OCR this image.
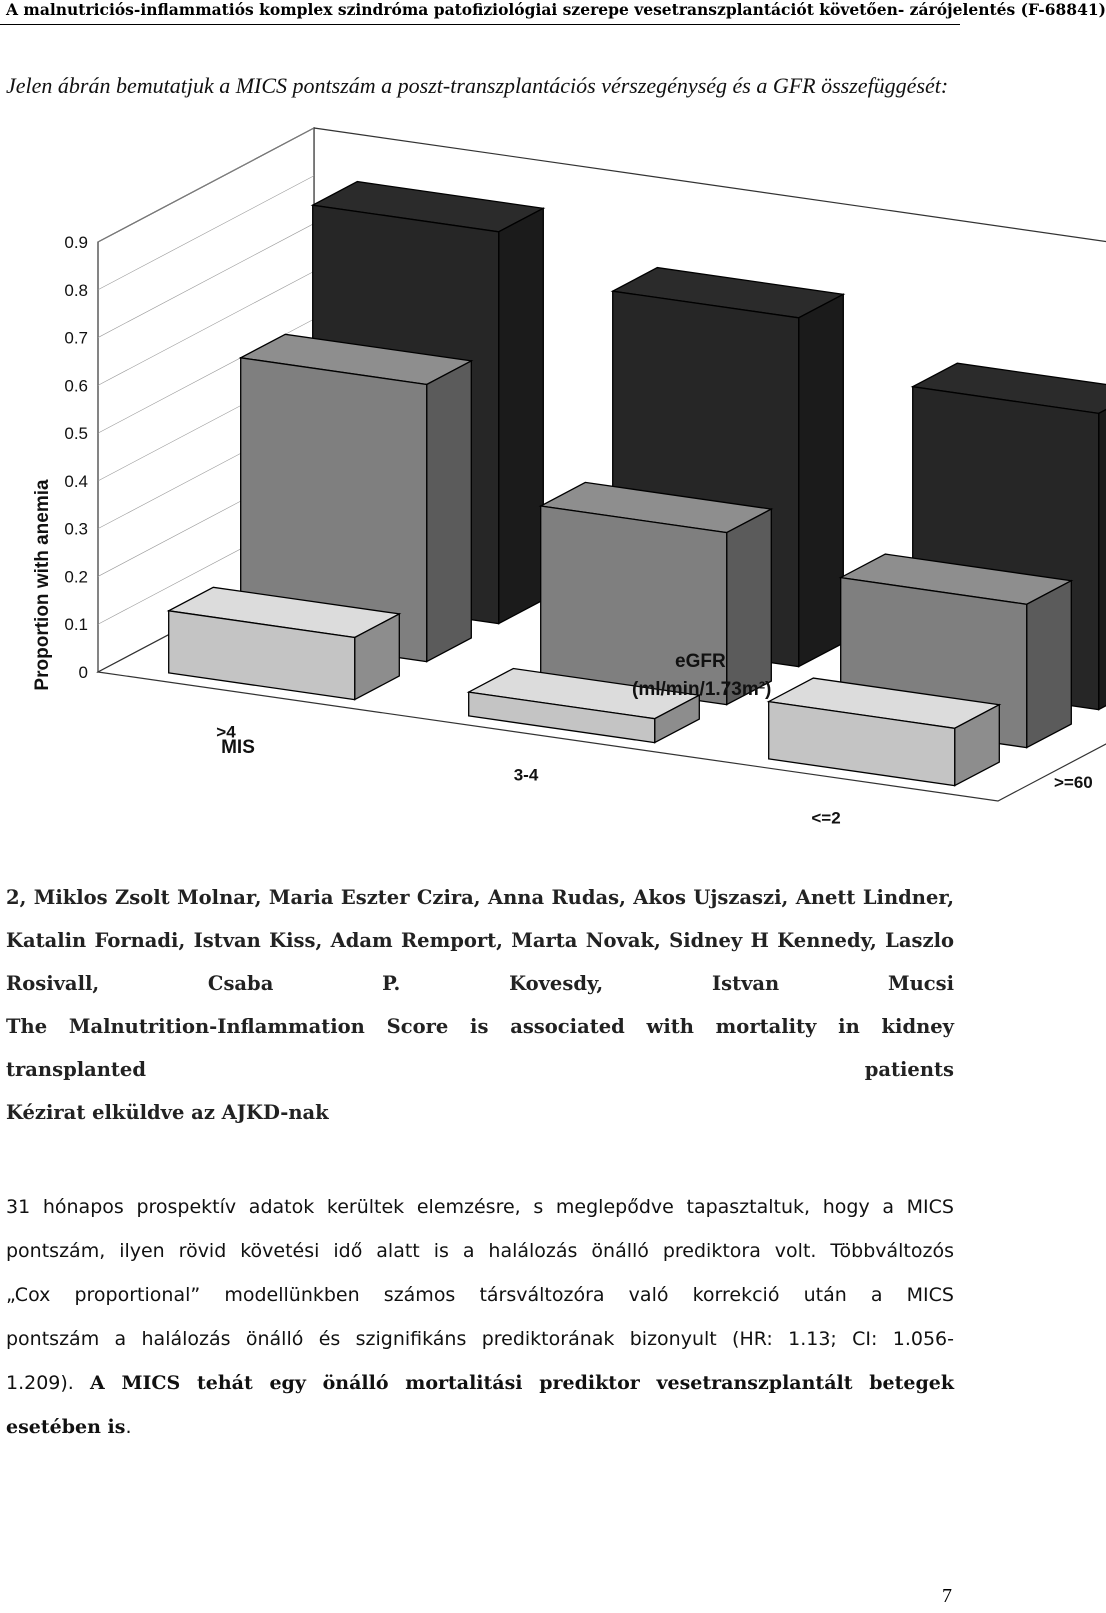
A malnutriciós-inflammatiós komplex szindróma patofiziológiai szerepe vesetranszplantációt követően- zárójelentés (F-68841)
Jelen ábrán bemutatjuk a MICS pontszám a poszt-transzplantációs vérszegénység és a GFR összefüggését:
0
0.1
0.2
0.3
0.4
0.5
0.6
0.7
0.8
0.9
Proportion with anemia
>4
3-4
<=2
MIS
>=60
eGFR
(ml/min/1.73m²)

2, Miklos Zsolt Molnar, Maria Eszter Czira, Anna Rudas, Akos Ujszaszi, Anett Lindner, Katalin Fornadi, Istvan Kiss, Adam Remport, Marta Novak, Sidney H Kennedy, Laszlo Rosivall, Csaba P. Kovesdy, Istvan Mucsi

The Malnutrition-Inflammation Score is associated with mortality in kidney transplanted patients

Kézirat elküldve az AJKD-nak

31 hónapos prospektív adatok kerültek elemzésre, s meglepődve tapasztaltuk, hogy a MICS

pontszám, ilyen rövid követési idő alatt is a halálozás önálló prediktora volt. Többváltozós

„Cox proportional” modellünkben számos társváltozóra való korrekció után a MICS

pontszám a halálozás önálló és szignifikáns prediktorának bizonyult (HR: 1.13; CI: 1.056-

1.209). A MICS tehát egy önálló mortalitási prediktor vesetranszplantált betegek

esetében is.

7
